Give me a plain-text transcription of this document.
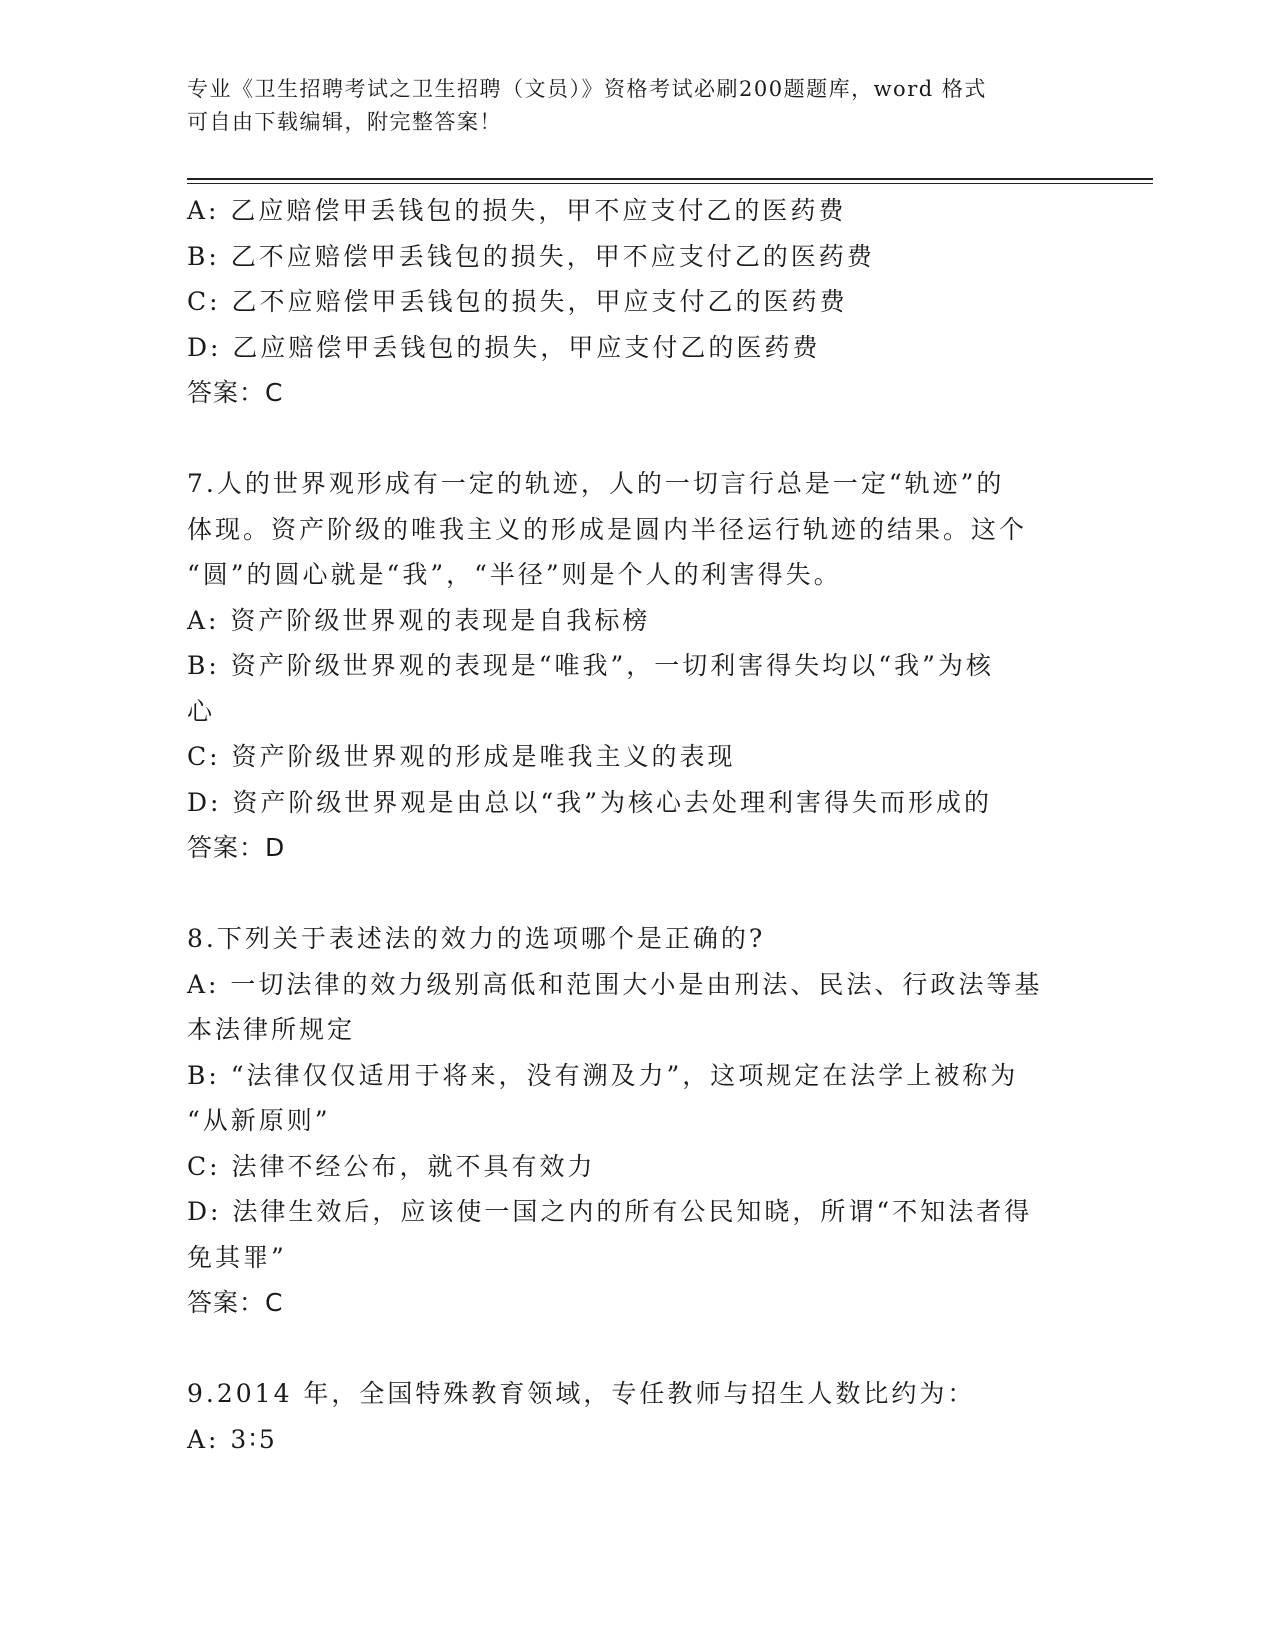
专业《卫生招聘考试之卫生招聘（文员）》资格考试必刷200题题库，word 格式

可自由下载编辑，附完整答案！

A: 乙应赔偿甲丢钱包的损失，甲不应支付乙的医药费

B: 乙不应赔偿甲丢钱包的损失，甲不应支付乙的医药费

C: 乙不应赔偿甲丢钱包的损失，甲应支付乙的医药费

D: 乙应赔偿甲丢钱包的损失，甲应支付乙的医药费

答案：C

7.人的世界观形成有一定的轨迹，人的一切言行总是一定“轨迹”的

体现。资产阶级的唯我主义的形成是圆内半径运行轨迹的结果。这个

“圆”的圆心就是“我”，“半径”则是个人的利害得失。

A: 资产阶级世界观的表现是自我标榜

B: 资产阶级世界观的表现是“唯我”，一切利害得失均以“我”为核

心

C: 资产阶级世界观的形成是唯我主义的表现

D: 资产阶级世界观是由总以“我”为核心去处理利害得失而形成的

答案：D

8.下列关于表述法的效力的选项哪个是正确的?

A: 一切法律的效力级别高低和范围大小是由刑法、民法、行政法等基

本法律所规定

B: “法律仅仅适用于将来，没有溯及力”，这项规定在法学上被称为

“从新原则”

C: 法律不经公布，就不具有效力

D: 法律生效后，应该使一国之内的所有公民知晓，所谓“不知法者得

免其罪”

答案：C

9.2014 年，全国特殊教育领域，专任教师与招生人数比约为：

A: 3∶5
